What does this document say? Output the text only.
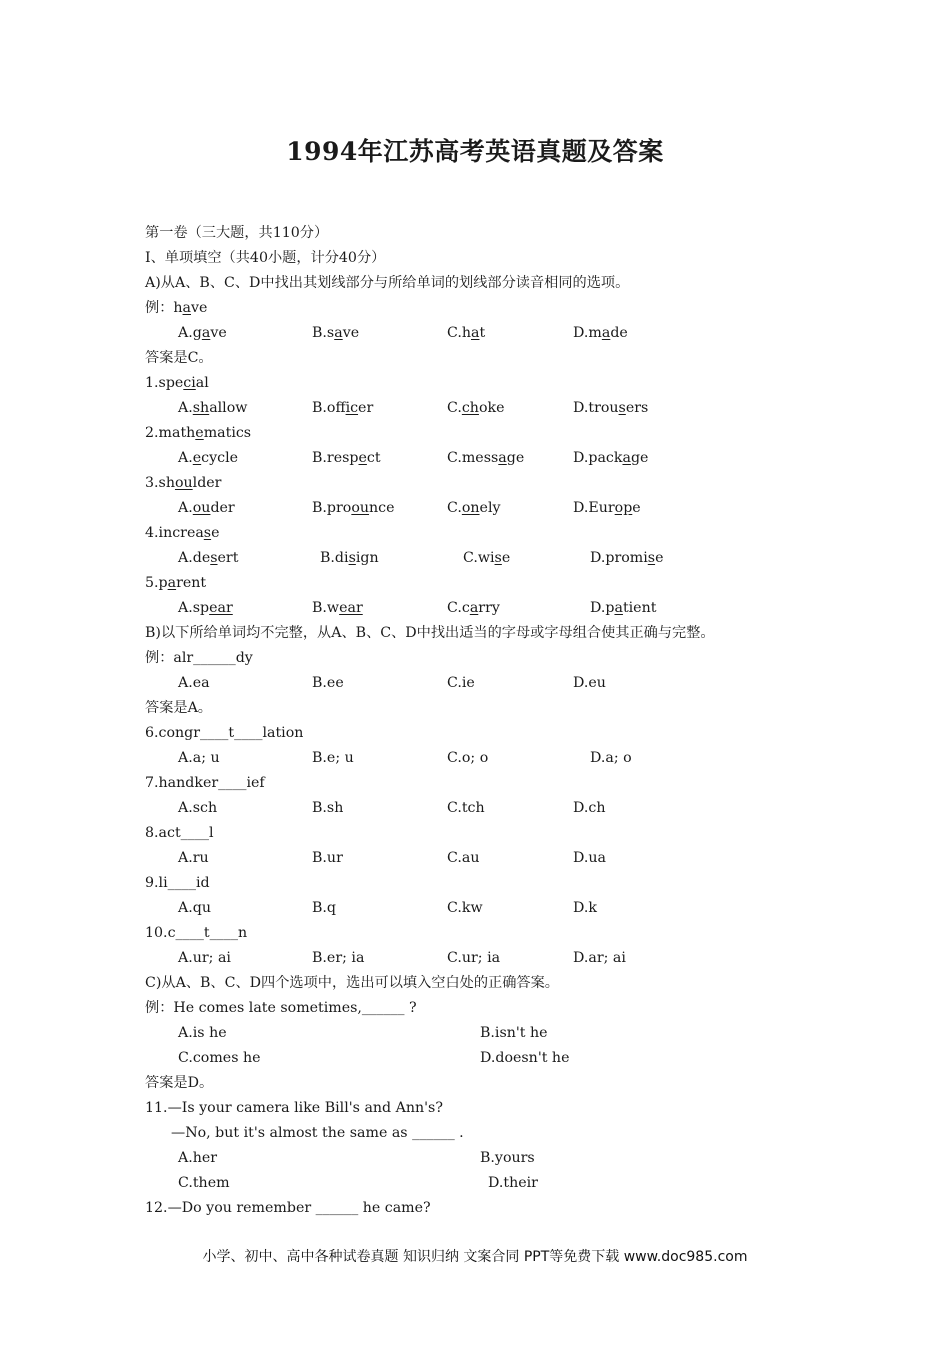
1994年江苏高考英语真题及答案
第一卷（三大题，共110分）
I、单项填空（共40小题，计分40分）
A)从A、B、C、D中找出其划线部分与所给单词的划线部分读音相同的选项。
例：have

A.gave

	B.save

	C.hat

	D.made

答案是C。
1.special

A.shallow

	B.officer

	C.choke

	D.trousers

2.mathematics

A.ecycle

	B.respect

	C.message

	D.package

3.shoulder

A.ouder

	B.proounce

	C.onely

	D.Europe

4.increase

A.desert

	B.disign

	C.wise

	D.promise

5.parent

A.spear

	B.wear

	C.carry

	D.patient

B)以下所给单词均不完整，从A、B、C、D中找出适当的字母或字母组合使其正确与完整。
例：alr______dy

A.ea

	B.ee

	C.ie

	D.eu

答案是A。
6.congr____t____lation

A.a; u

	B.e; u

	C.o; o

	D.a; o

7.handker____ief

A.sch

	B.sh

	C.tch

	D.ch

8.act____l

A.ru

	B.ur

	C.au

	D.ua

9.li____id

A.qu

	B.q

	C.kw

	D.k

10.c____t____n

A.ur; ai

	B.er; ia

	C.ur; ia

	D.ar; ai

C)从A、B、C、D四个选项中，选出可以填入空白处的正确答案。
例：He comes late sometimes,______ ?

A.is he

	B.isn't he

C.comes he

	D.doesn't he

答案是D。
11.—Is your camera like Bill's and Ann's?
—No, but it's almost the same as ______ .

A.her

	B.yours

C.them

	D.their

12.—Do you remember ______ he came?
小学、初中、高中各种试卷真题 知识归纳 文案合同 PPT等免费下载 www.doc985.com
